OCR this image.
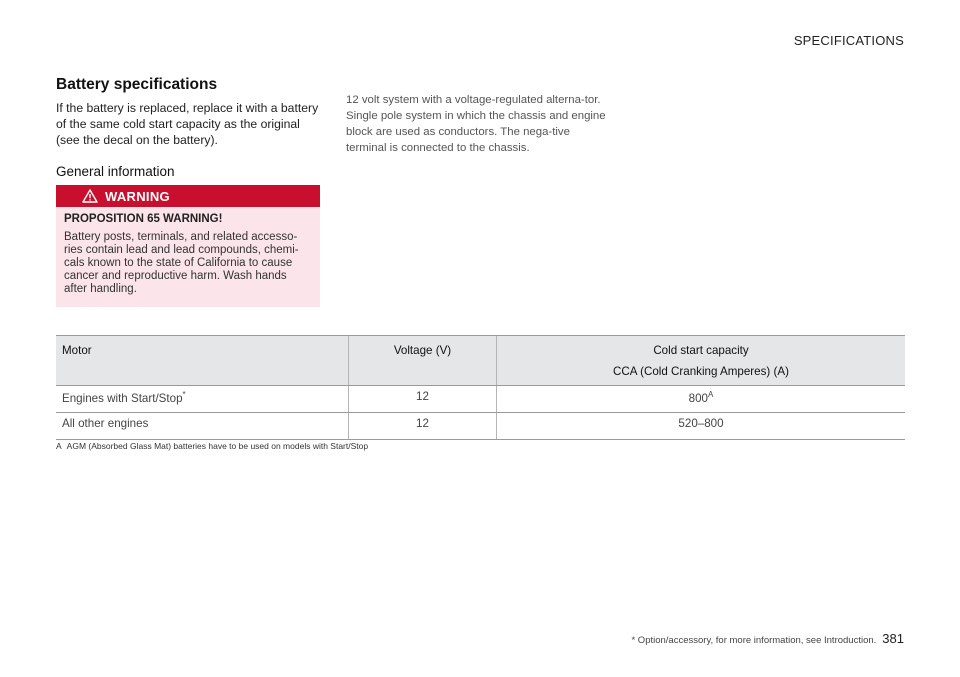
SPECIFICATIONS
Battery specifications

If the battery is replaced, replace it with a battery of the same cold start capacity as the original (see the decal on the battery).

General information
WARNING

PROPOSITION 65 WARNING!

Battery posts, terminals, and related accesso-ries contain lead and lead compounds, chemi-cals known to the state of California to cause cancer and reproductive harm. Wash hands after handling.

12 volt system with a voltage-regulated alterna-tor. Single pole system in which the chassis and engine block are used as conductors. The nega-tive terminal is connected to the chassis.

Motor	Voltage (V)	Cold start capacity
CCA (Cold Cranking Amperes) (A)

Engines with Start/Stop*	12	$800^A$
All other engines	12	520–800
A AGM (Absorbed Glass Mat) batteries have to be used on models with Start/Stop
* Option/accessory, for more information, see Introduction. 381
